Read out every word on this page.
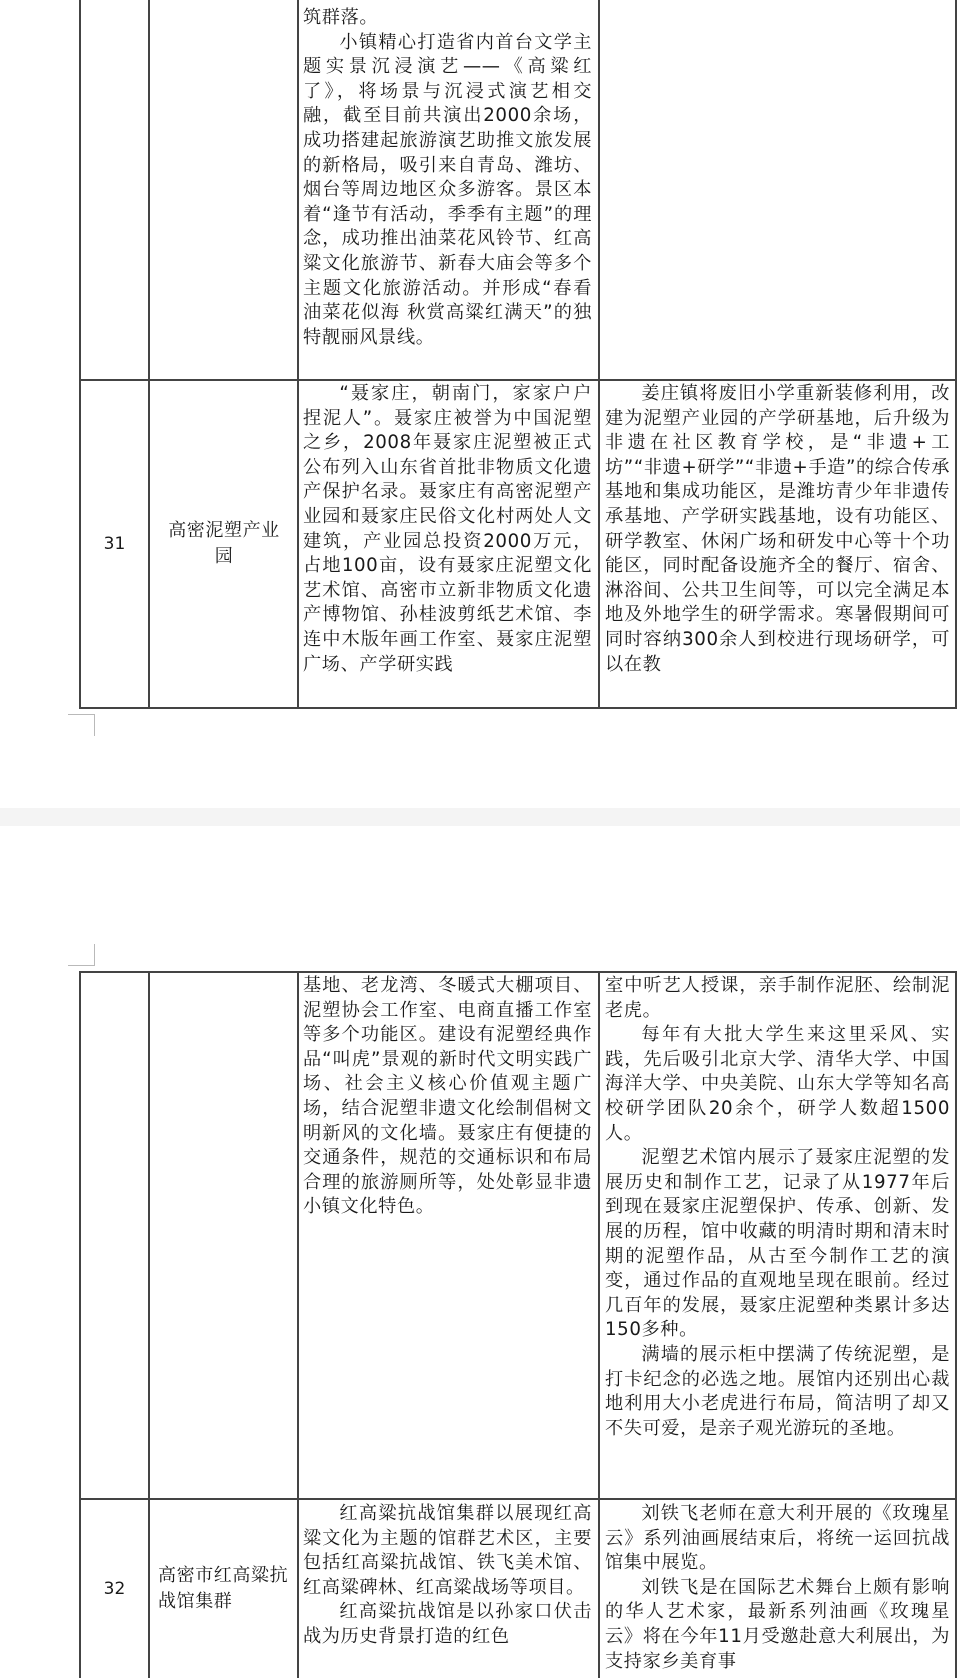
筑群落。

小镇精心打造省内首台文学主题实景沉浸演艺——《高粱红了》，将场景与沉浸式演艺相交融，截至目前共演出2000余场，成功搭建起旅游演艺助推文旅发展的新格局，吸引来自青岛、潍坊、烟台等周边地区众多游客。景区本着“逢节有活动，季季有主题”的理念，成功推出油菜花风铃节、红高粱文化旅游节、新春大庙会等多个主题文化旅游活动。并形成“春看油菜花似海 秋赏高粱红满天”的独特靓丽风景线。

31
高密泥塑产业园

“聂家庄，朝南门，家家户户捏泥人”。聂家庄被誉为中国泥塑之乡，2008年聂家庄泥塑被正式公布列入山东省首批非物质文化遗产保护名录。聂家庄有高密泥塑产业园和聂家庄民俗文化村两处人文建筑，产业园总投资2000万元，占地100亩，设有聂家庄泥塑文化艺术馆、高密市立新非物质文化遗产博物馆、孙桂波剪纸艺术馆、李连中木版年画工作室、聂家庄泥塑广场、产学研实践

姜庄镇将废旧小学重新装修利用，改建为泥塑产业园的产学研基地，后升级为非遗在社区教育学校，是“非遗+工坊”“非遗+研学”“非遗+手造”的综合传承基地和集成功能区，是潍坊青少年非遗传承基地、产学研实践基地，设有功能区、研学教室、休闲广场和研发中心等十个功能区，同时配备设施齐全的餐厅、宿舍、淋浴间、公共卫生间等，可以完全满足本地及外地学生的研学需求。寒暑假期间可同时容纳300余人到校进行现场研学，可以在教

基地、老龙湾、冬暖式大棚项目、泥塑协会工作室、电商直播工作室等多个功能区。建设有泥塑经典作品“叫虎”景观的新时代文明实践广场、社会主义核心价值观主题广场，结合泥塑非遗文化绘制倡树文明新风的文化墙。聂家庄有便捷的交通条件，规范的交通标识和布局合理的旅游厕所等，处处彰显非遗小镇文化特色。

室中听艺人授课，亲手制作泥胚、绘制泥老虎。

每年有大批大学生来这里采风、实践，先后吸引北京大学、清华大学、中国海洋大学、中央美院、山东大学等知名高校研学团队20余个，研学人数超1500人。

泥塑艺术馆内展示了聂家庄泥塑的发展历史和制作工艺，记录了从1977年后到现在聂家庄泥塑保护、传承、创新、发展的历程，馆中收藏的明清时期和清末时期的泥塑作品，从古至今制作工艺的演变，通过作品的直观地呈现在眼前。经过几百年的发展，聂家庄泥塑种类累计多达150多种。

满墙的展示柜中摆满了传统泥塑，是打卡纪念的必选之地。展馆内还别出心裁地利用大小老虎进行布局，简洁明了却又不失可爱，是亲子观光游玩的圣地。

32
高密市红高粱抗战馆集群

红高粱抗战馆集群以展现红高粱文化为主题的馆群艺术区，主要包括红高粱抗战馆、铁飞美术馆、红高粱碑林、红高粱战场等项目。

红高粱抗战馆是以孙家口伏击战为历史背景打造的红色

刘铁飞老师在意大利开展的《玫瑰星云》系列油画展结束后，将统一运回抗战馆集中展览。

刘铁飞是在国际艺术舞台上颇有影响的华人艺术家，最新系列油画《玫瑰星云》将在今年11月受邀赴意大利展出，为支持家乡美育事
